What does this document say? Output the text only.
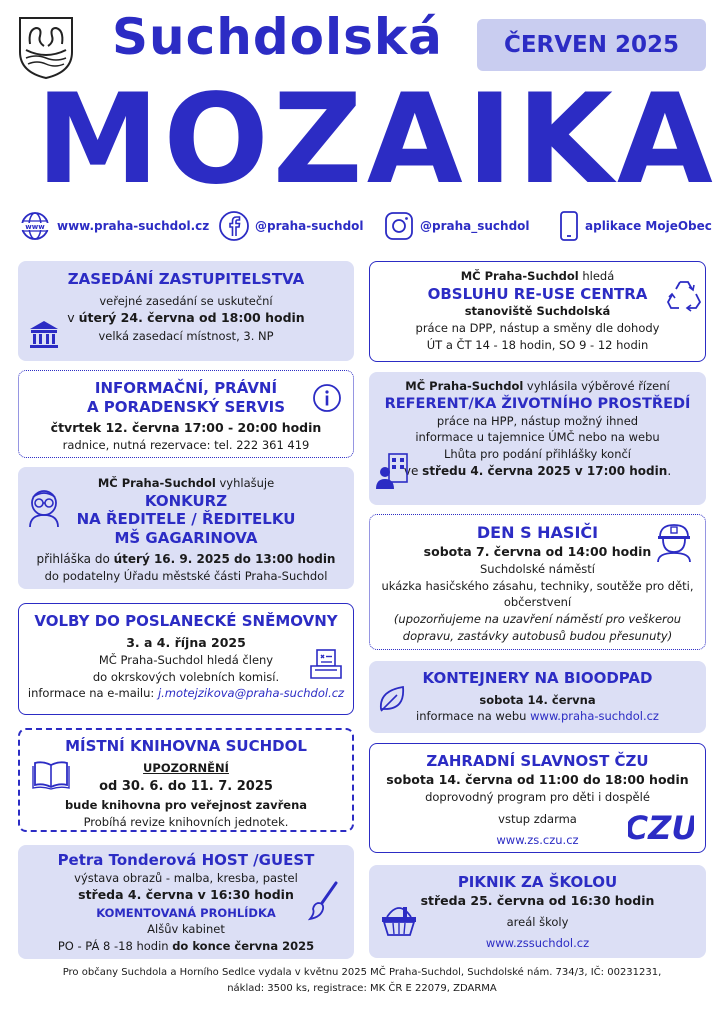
Suchdolská	ČERVEN 2025
MOZAIKA
www www.praha-suchdol.cz	@praha-suchdol	@praha_suchdol	aplikace MojeObec
ZASEDÁNÍ ZASTUPITELSTVA
veřejné zasedání se uskuteční
v úterý 24. června od 18:00 hodin
velká zasedací místnost, 3. NP
INFORMAČNÍ, PRÁVNÍ
A PORADENSKÝ SERVIS
čtvrtek 12. června 17:00 - 20:00 hodin
radnice, nutná rezervace: tel. 222 361 419
MČ Praha-Suchdol vyhlašuje
KONKURZ
NA ŘEDITELE / ŘEDITELKU
MŠ GAGARINOVA
přihláška do úterý 16. 9. 2025 do 13:00 hodin
do podatelny Úřadu městské části Praha-Suchdol
VOLBY DO POSLANECKÉ SNĚMOVNY
3. a 4. října 2025
MČ Praha-Suchdol hledá členy
do okrskových volebních komisí.
informace na e-mailu: j.motejzikova@praha-suchdol.cz
MÍSTNÍ KNIHOVNA SUCHDOL
UPOZORNĚNÍ
od 30. 6. do 11. 7. 2025
bude knihovna pro veřejnost zavřena
Probíhá revize knihovních jednotek.
Petra Tonderová HOST /GUEST
výstava obrazů - malba, kresba, pastel
středa 4. června v 16:30 hodin
KOMENTOVANÁ PROHLÍDKA
Alšův kabinet
PO - PÁ 8 -18 hodin do konce června 2025
MČ Praha-Suchdol hledá
OBSLUHU RE-USE CENTRA
stanoviště Suchdolská
práce na DPP, nástup a směny dle dohody
ÚT a ČT 14 - 18 hodin, SO 9 - 12 hodin
MČ Praha-Suchdol vyhlásila výběrové řízení
REFERENT/KA ŽIVOTNÍHO PROSTŘEDÍ
práce na HPP, nástup možný ihned
informace u tajemnice ÚMČ nebo na webu
Lhůta pro podání přihlášky končí
ve středu 4. června 2025 v 17:00 hodin.
DEN S HASIČI
sobota 7. června od 14:00 hodin
Suchdolské náměstí
ukázka hasičského zásahu, techniky, soutěže pro děti,
občerstvení
(upozorňujeme na uzavření náměstí pro veškerou
dopravu, zastávky autobusů budou přesunuty)
KONTEJNERY NA BIOODPAD
sobota 14. června
informace na webu www.praha-suchdol.cz
CZU
ZAHRADNÍ SLAVNOST ČZU
sobota 14. června od 11:00 do 18:00 hodin
doprovodný program pro děti i dospělé
vstup zdarma
www.zs.czu.cz
PIKNIK ZA ŠKOLOU
středa 25. června od 16:30 hodin
areál školy
www.zssuchdol.cz
Pro občany Suchdola a Horního Sedlce vydala v květnu 2025 MČ Praha-Suchdol, Suchdolské nám. 734/3, IČ: 00231231,
náklad: 3500 ks, registrace: MK ČR E 22079, ZDARMA
